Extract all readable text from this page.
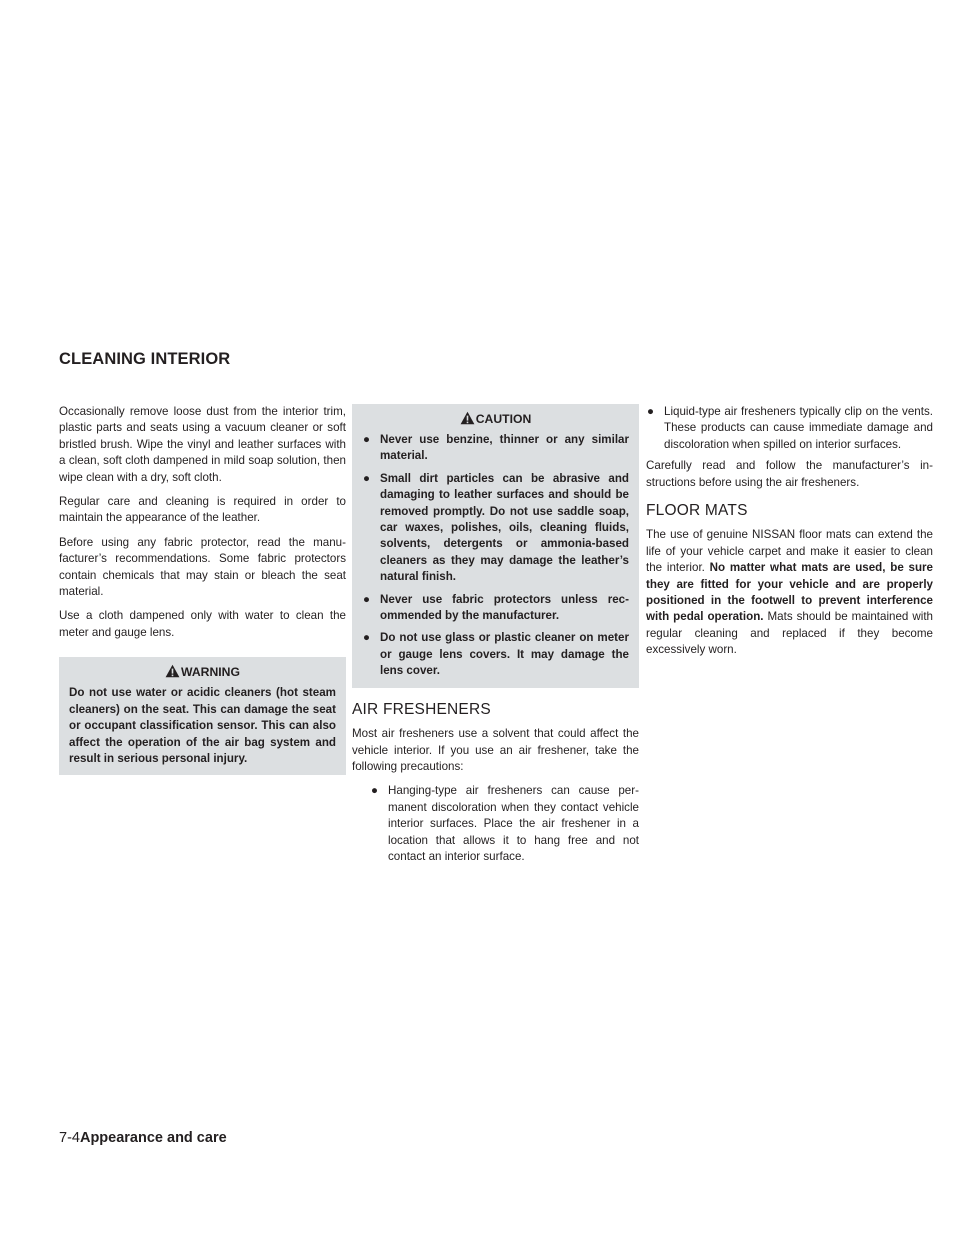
CLEANING INTERIOR

Occasionally remove loose dust from the interior trim, plastic parts and seats using a vacuum cleaner or soft bristled brush. Wipe the vinyl and leather surfaces with a clean, soft cloth dampened in mild soap solution, then wipe clean with a dry, soft cloth.

Regular care and cleaning is required in order to maintain the appearance of the leather.

Before using any fabric protector, read the manufacturer’s recommendations. Some fabric protectors contain chemicals that may stain or bleach the seat material.

Use a cloth dampened only with water to clean the meter and gauge lens.

WARNING
Do not use water or acidic cleaners (hot steam cleaners) on the seat. This can damage the seat or occupant classification sensor. This can also affect the operation of the air bag system and result in serious personal injury.
CAUTION
● Never use benzine, thinner or any similar material.
● Small dirt particles can be abrasive and damaging to leather surfaces and should be removed promptly. Do not use saddle soap, car waxes, polishes, oils, cleaning fluids, solvents, detergents or ammonia-based cleaners as they may damage the leather’s natural finish.
● Never use fabric protectors unless recommended by the manufacturer.
● Do not use glass or plastic cleaner on meter or gauge lens covers. It may damage the lens cover.
AIR FRESHENERS

Most air fresheners use a solvent that could affect the vehicle interior. If you use an air freshener, take the following precautions:

● Hanging-type air fresheners can cause permanent discoloration when they contact vehicle interior surfaces. Place the air freshener in a location that allows it to hang free and not contact an interior surface.
● Liquid-type air fresheners typically clip on the vents. These products can cause immediate damage and discoloration when spilled on interior surfaces.

Carefully read and follow the manufacturer’s instructions before using the air fresheners.

FLOOR MATS

The use of genuine NISSAN floor mats can extend the life of your vehicle carpet and make it easier to clean the interior. No matter what mats are used, be sure they are fitted for your vehicle and are properly positioned in the footwell to prevent interference with pedal operation. Mats should be maintained with regular cleaning and replaced if they become excessively worn.

7-4Appearance and care
